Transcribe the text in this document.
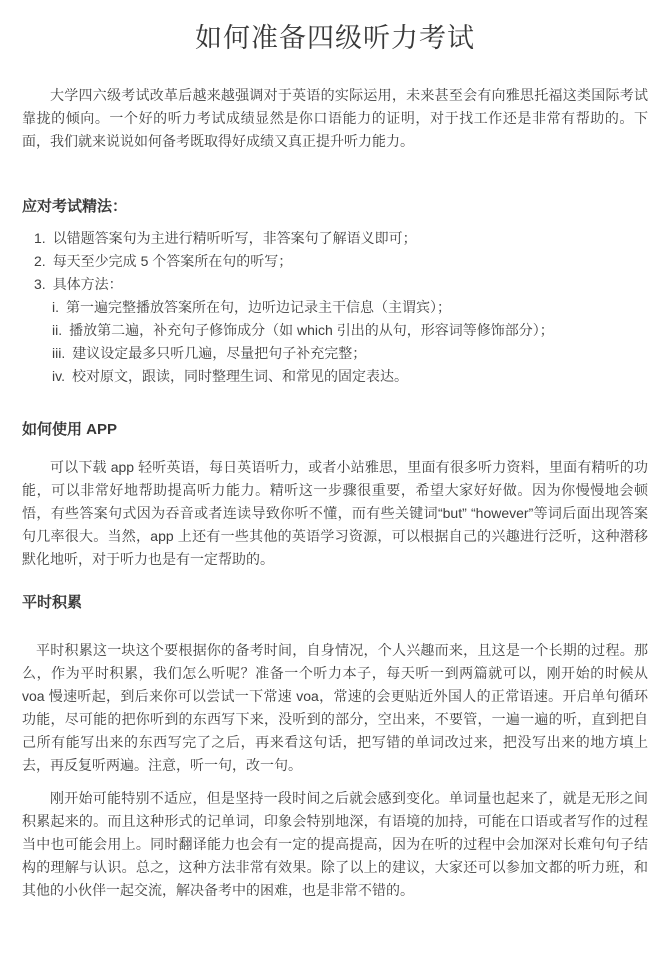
如何准备四级听力考试

大学四六级考试改革后越来越强调对于英语的实际运用，未来甚至会有向雅思托福这类国际考试靠拢的倾向。一个好的听力考试成绩显然是你口语能力的证明，对于找工作还是非常有帮助的。下面，我们就来说说如何备考既取得好成绩又真正提升听力能力。

应对考试精法：
1. 以错题答案句为主进行精听听写，非答案句了解语义即可；
2. 每天至少完成 5 个答案所在句的听写；
3. 具体方法：
i. 第一遍完整播放答案所在句，边听边记录主干信息（主谓宾）；
ii. 播放第二遍，补充句子修饰成分（如 which 引出的从句，形容词等修饰部分）；
iii. 建议设定最多只听几遍，尽量把句子补充完整；
iv. 校对原文，跟读，同时整理生词、和常见的固定表达。
如何使用 APP

可以下载 app 轻听英语，每日英语听力，或者小站雅思，里面有很多听力资料，里面有精听的功能，可以非常好地帮助提高听力能力。精听这一步骤很重要，希望大家好好做。因为你慢慢地会顿悟，有些答案句式因为吞音或者连读导致你听不懂，而有些关键词“but” “however”等词后面出现答案句几率很大。当然，app 上还有一些其他的英语学习资源，可以根据自己的兴趣进行泛听，这种潜移默化地听，对于听力也是有一定帮助的。

平时积累

平时积累这一块这个要根据你的备考时间，自身情况，个人兴趣而来，且这是一个长期的过程。那么，作为平时积累，我们怎么听呢？准备一个听力本子，每天听一到两篇就可以，刚开始的时候从 voa 慢速听起，到后来你可以尝试一下常速 voa，常速的会更贴近外国人的正常语速。开启单句循环功能，尽可能的把你听到的东西写下来，没听到的部分，空出来，不要管，一遍一遍的听，直到把自己所有能写出来的东西写完了之后，再来看这句话，把写错的单词改过来，把没写出来的地方填上去，再反复听两遍。注意，听一句，改一句。

刚开始可能特别不适应，但是坚持一段时间之后就会感到变化。单词量也起来了，就是无形之间积累起来的。而且这种形式的记单词，印象会特别地深，有语境的加持，可能在口语或者写作的过程当中也可能会用上。同时翻译能力也会有一定的提高提高，因为在听的过程中会加深对长难句句子结构的理解与认识。总之，这种方法非常有效果。除了以上的建议，大家还可以参加文都的听力班，和其他的小伙伴一起交流，解决备考中的困难，也是非常不错的。
